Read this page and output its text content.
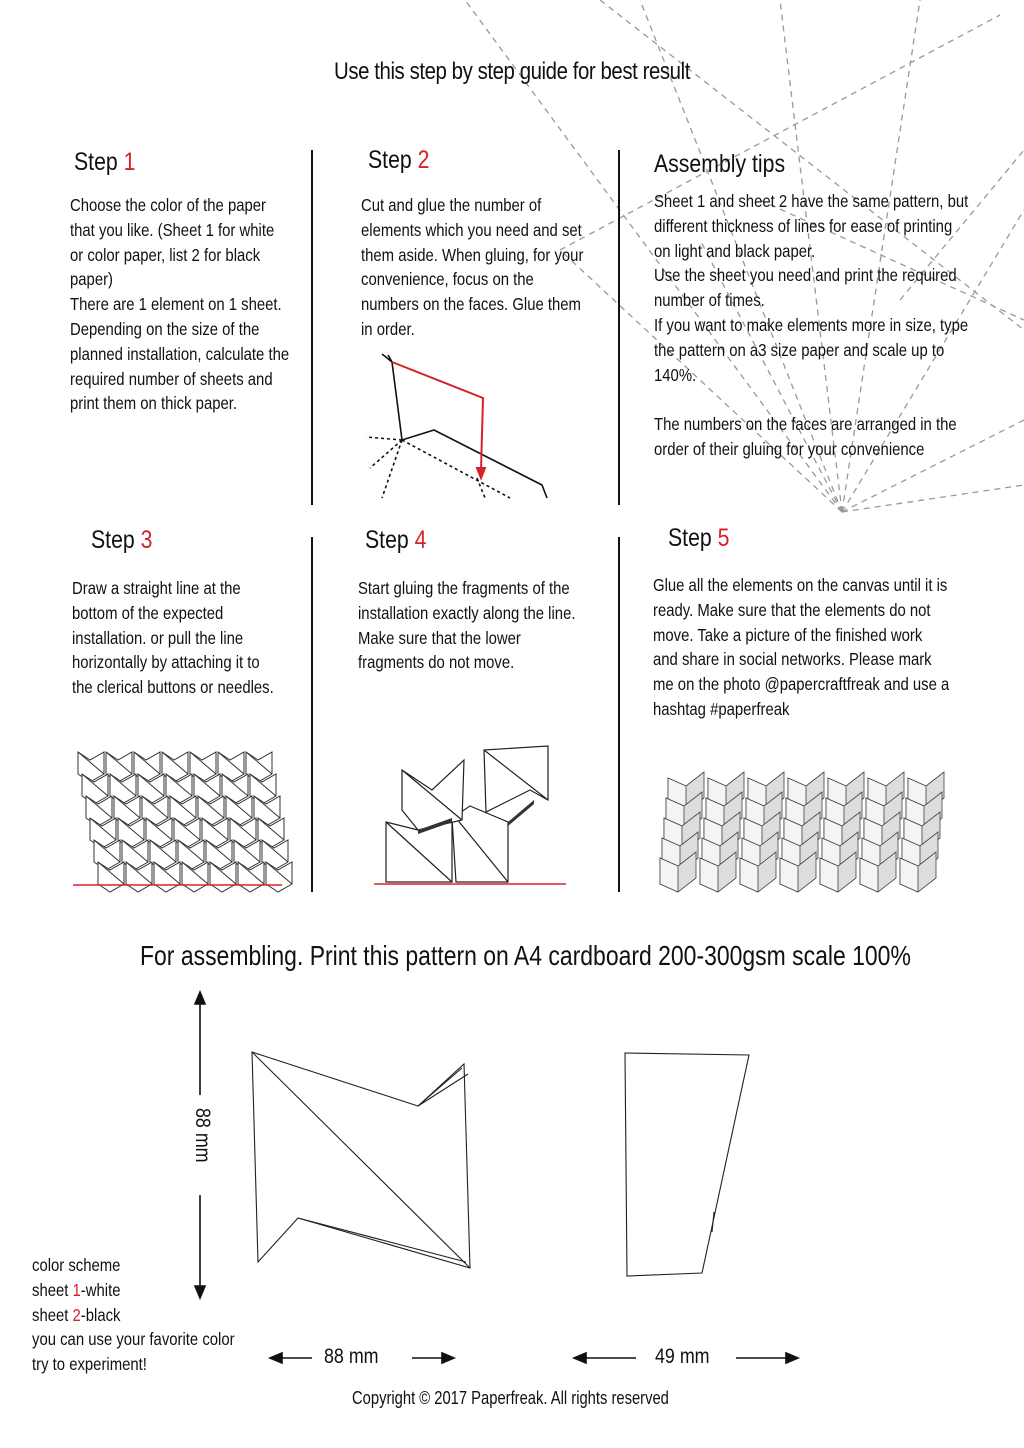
Use this step by step guide for best result
Step 1
Choose the color of the paper
that you like. (Sheet 1 for white
or color paper, list 2 for black
paper)
There are 1 element on 1 sheet.
Depending on the size of the
planned installation, calculate the
required number of sheets and
print them on thick paper.
Step 2
Cut and glue the number of
elements which you need and set
them aside. When gluing, for your
convenience, focus on the
numbers on the faces. Glue them
in order.
Assembly tips
Sheet 1 and sheet 2 have the same pattern, but
different thickness of lines for ease of printing
on light and black paper.
Use the sheet you need and print the required
number of times.
If you want to make elements more in size, type
the pattern on a3 size paper and scale up to
140%.

The numbers on the faces are arranged in the
order of their gluing for your convenience
Step 3
Draw a straight line at the
bottom of the expected
installation. or pull the line
horizontally by attaching it to
the clerical buttons or needles.
Step 4
Start gluing the fragments of the
installation exactly along the line.
Make sure that the lower
fragments do not move.
Step 5
Glue all the elements on the canvas until it is
ready. Make sure that the elements do not
move. Take a picture of the finished work
and share in social networks. Please mark
me on the photo @papercraftfreak and use a
hashtag #paperfreak
For assembling. Print this pattern on A4 cardboard 200-300gsm scale 100%
88 mm
88 mm	49 mm
color scheme
sheet 1-white
sheet 2-black
you can use your favorite color
try to experiment!
Copyright © 2017 Paperfreak. All rights reserved
